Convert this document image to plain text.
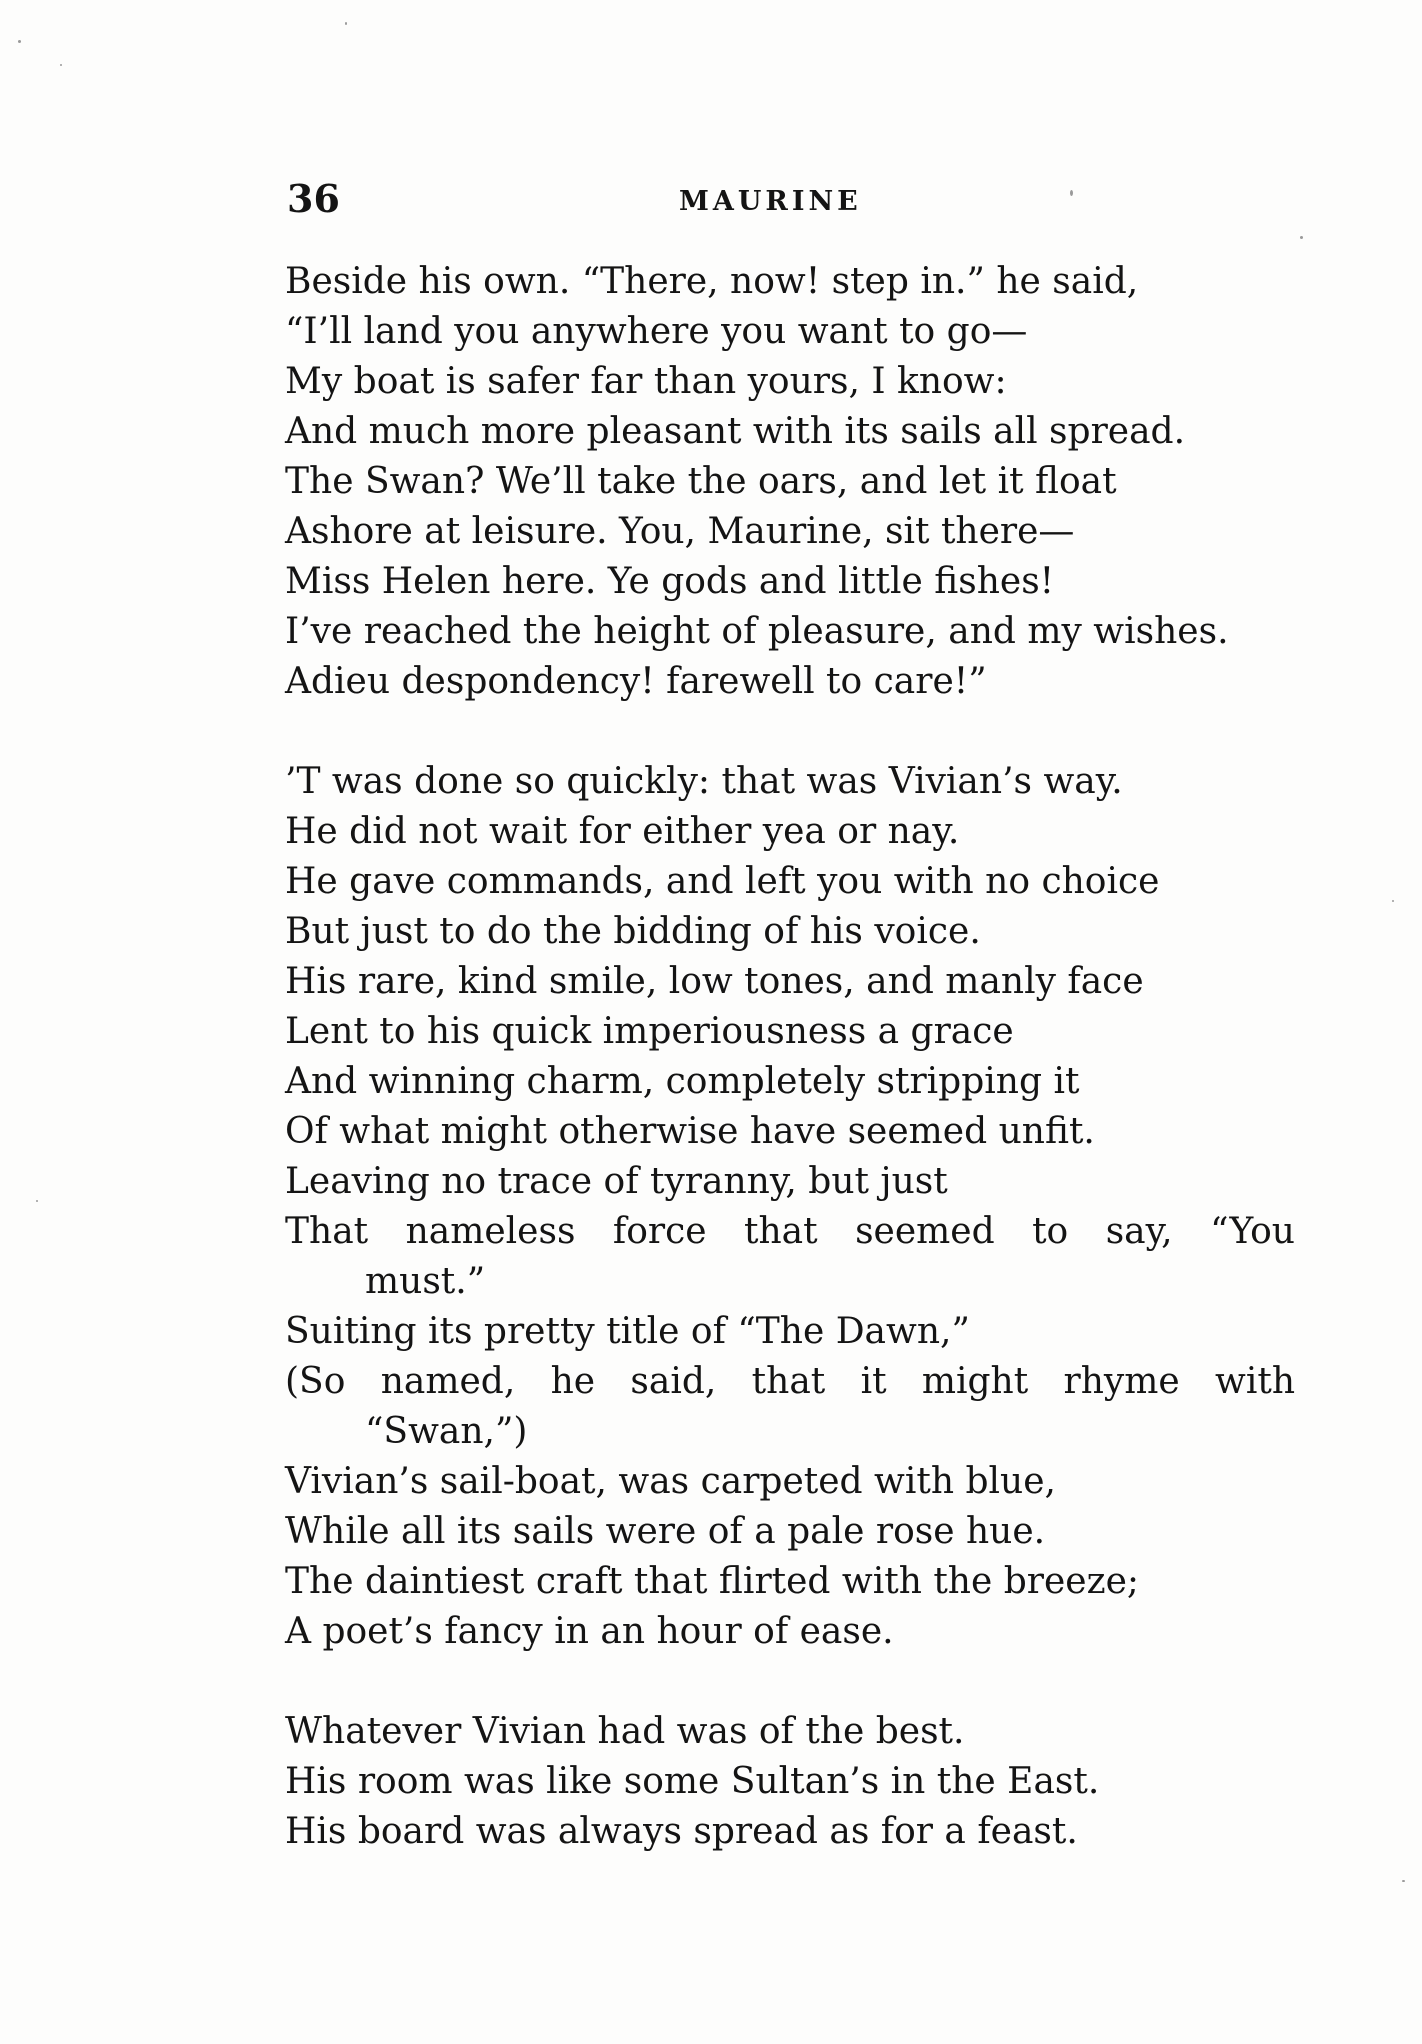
36	MAURINE
Beside his own. “There, now! step in.” he said,
“I’ll land you anywhere you want to go—
My boat is safer far than yours, I know:
And much more pleasant with its sails all spread.
The Swan? We’ll take the oars, and let it float
Ashore at leisure. You, Maurine, sit there—
Miss Helen here. Ye gods and little fishes!
I’ve reached the height of pleasure, and my wishes.
Adieu despondency! farewell to care!”
’T was done so quickly: that was Vivian’s way.
He did not wait for either yea or nay.
He gave commands, and left you with no choice
But just to do the bidding of his voice.
His rare, kind smile, low tones, and manly face
Lent to his quick imperiousness a grace
And winning charm, completely stripping it
Of what might otherwise have seemed unfit.
Leaving no trace of tyranny, but just
That nameless force that seemed to say, “You
must.”
Suiting its pretty title of “The Dawn,”
(So named, he said, that it might rhyme with
“Swan,”)
Vivian’s sail-boat, was carpeted with blue,
While all its sails were of a pale rose hue.
The daintiest craft that flirted with the breeze;
A poet’s fancy in an hour of ease.
Whatever Vivian had was of the best.
His room was like some Sultan’s in the East.
His board was always spread as for a feast.
